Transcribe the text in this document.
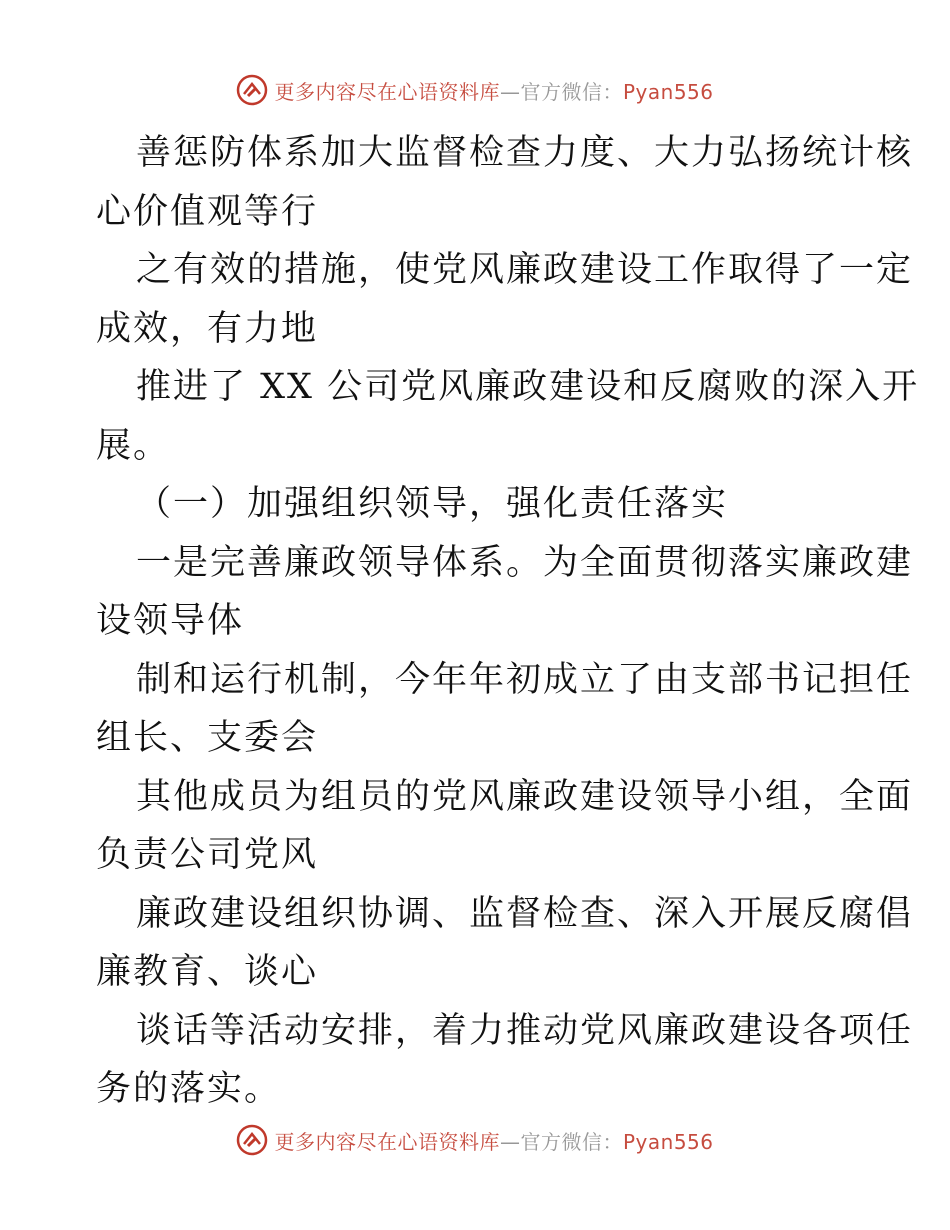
更多内容尽在心语资料库—官方微信：Pyan556
善惩防体系加大监督检查力度、大力弘扬统计核
心价值观等行
之有效的措施，使党风廉政建设工作取得了一定
成效，有力地
推进了 XX 公司党风廉政建设和反腐败的深入开
展。
（一）加强组织领导，强化责任落实
一是完善廉政领导体系。为全面贯彻落实廉政建
设领导体
制和运行机制，今年年初成立了由支部书记担任
组长、支委会
其他成员为组员的党风廉政建设领导小组，全面
负责公司党风
廉政建设组织协调、监督检查、深入开展反腐倡
廉教育、谈心
谈话等活动安排，着力推动党风廉政建设各项任
务的落实。
更多内容尽在心语资料库—官方微信：Pyan556
